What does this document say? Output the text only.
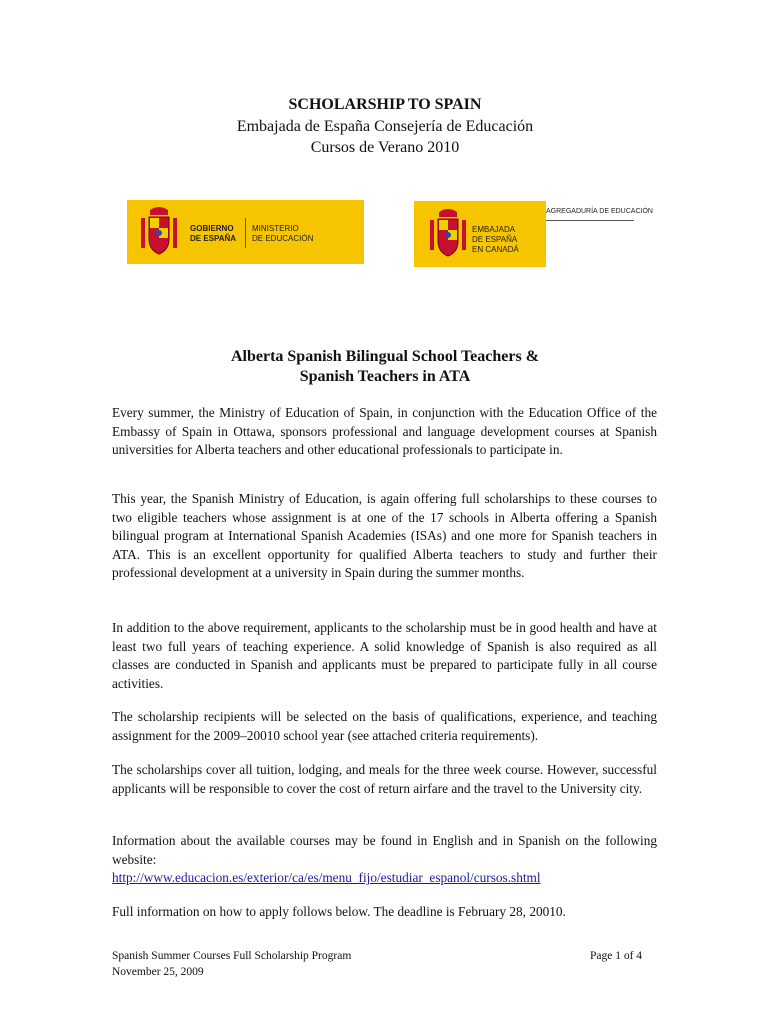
SCHOLARSHIP TO SPAIN
Embajada de España Consejería de Educación
Cursos de Verano 2010
GOBIERNO
DE ESPAÑA
MINISTERIO
DE EDUCACIÓN
EMBAJADA
DE ESPAÑA
EN CANADÁ
AGREGADURÍA DE EDUCACIÓN
Alberta Spanish Bilingual School Teachers &
Spanish Teachers in ATA
Every summer, the Ministry of Education of Spain, in conjunction with the Education Office of the Embassy of Spain in Ottawa, sponsors professional and language development courses at Spanish universities for Alberta teachers and other educational professionals to participate in.
This year, the Spanish Ministry of Education, is again offering full scholarships to these courses to two eligible teachers whose assignment is at one of the 17 schools in Alberta offering a Spanish bilingual program at International Spanish Academies (ISAs) and one more for Spanish teachers in ATA. This is an excellent opportunity for qualified Alberta teachers to study and further their professional development at a university in Spain during the summer months.
In addition to the above requirement, applicants to the scholarship must be in good health and have at least two full years of teaching experience. A solid knowledge of Spanish is also required as all classes are conducted in Spanish and applicants must be prepared to participate fully in all course activities.
The scholarship recipients will be selected on the basis of qualifications, experience, and teaching assignment for the 2009–20010 school year (see attached criteria requirements).
The scholarships cover all tuition, lodging, and meals for the three week course. However, successful applicants will be responsible to cover the cost of return airfare and the travel to the University city.
Information about the available courses may be found in English and in Spanish on the following website:
http://www.educacion.es/exterior/ca/es/menu_fijo/estudiar_espanol/cursos.shtml
Full information on how to apply follows below. The deadline is February 28, 20010.
Spanish Summer Courses Full Scholarship Program
November 25, 2009
Page 1 of 4
